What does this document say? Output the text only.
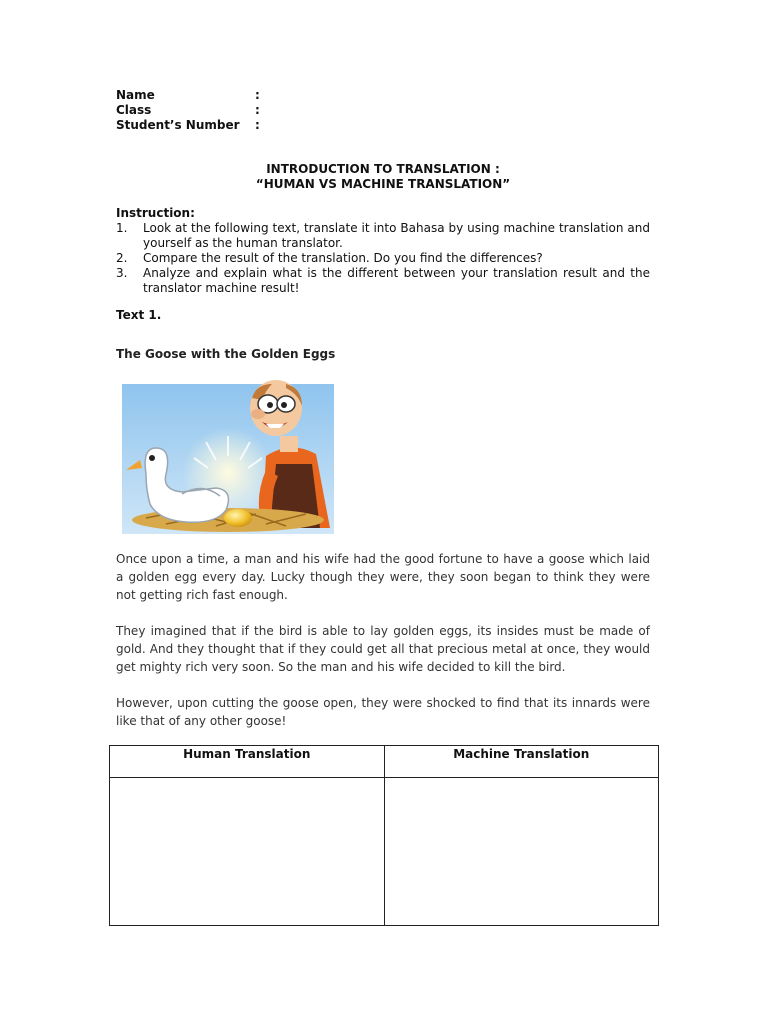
Name	:
Class	:
Student’s Number :
INTRODUCTION TO TRANSLATION :
“HUMAN VS MACHINE TRANSLATION”
Instruction:
1. Look at the following text, translate it into Bahasa by using machine translation and yourself as the human translator.
2. Compare the result of the translation. Do you find the differences?
3. Analyze and explain what is the different between your translation result and the translator machine result!
Text 1.
The Goose with the Golden Eggs

Once upon a time, a man and his wife had the good fortune to have a goose which laid a golden egg every day. Lucky though they were, they soon began to think they were not getting rich fast enough.

They imagined that if the bird is able to lay golden eggs, its insides must be made of gold. And they thought that if they could get all that precious metal at once, they would get mighty rich very soon. So the man and his wife decided to kill the bird.

However, upon cutting the goose open, they were shocked to find that its innards were like that of any other goose!

Human Translation	Machine Translation
